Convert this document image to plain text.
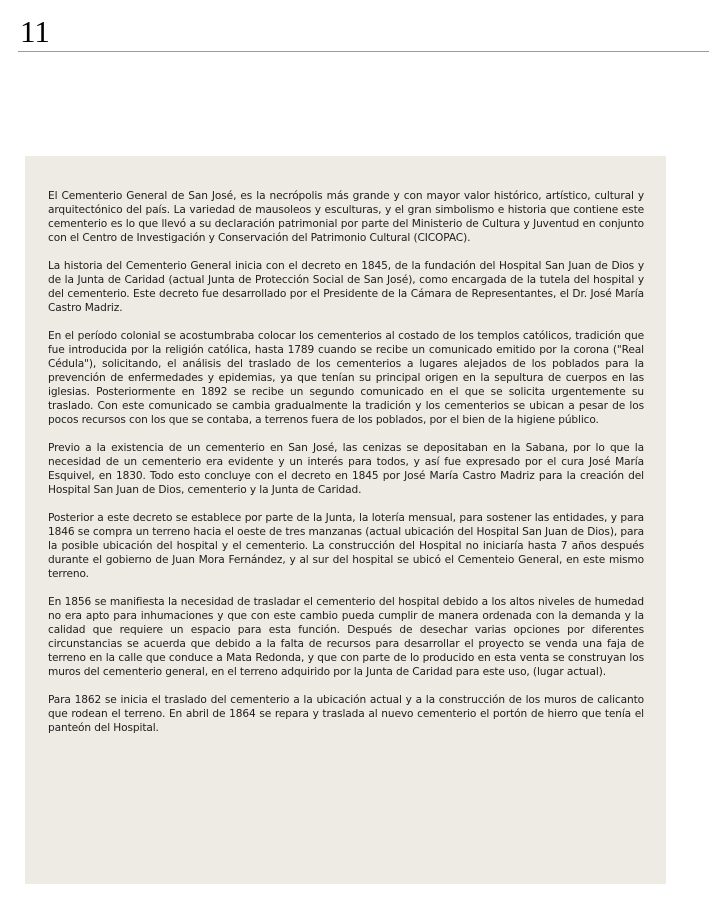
11

El Cementerio General de San José, es la necrópolis más grande y con mayor valor histórico, artístico, cultural y arquitectónico del país. La variedad de mausoleos y esculturas, y el gran simbolismo e historia que contiene este cementerio es lo que llevó a su declaración patrimonial por parte del Ministerio de Cultura y Juventud en conjunto con el Centro de Investigación y Conservación del Patrimonio Cultural (CICOPAC).

La historia del Cementerio General inicia con el decreto en 1845, de la fundación del Hospital San Juan de Dios y de la Junta de Caridad (actual Junta de Protección Social de San José), como encargada de la tutela del hospital y del cementerio. Este decreto fue desarrollado por el Presidente de la Cámara de Representantes, el Dr. José María Castro Madriz.

En el período colonial se acostumbraba colocar los cementerios al costado de los templos católicos, tradición que fue introducida por la religión católica, hasta 1789 cuando se recibe un comunicado emitido por la corona ("Real Cédula"), solicitando, el análisis del traslado de los cementerios a lugares alejados de los poblados para la prevención de enfermedades y epidemias, ya que tenían su principal origen en la sepultura de cuerpos en las iglesias. Posteriormente en 1892 se recibe un segundo comunicado en el que se solicita urgentemente su traslado. Con este comunicado se cambia gradualmente la tradición y los cementerios se ubican a pesar de los pocos recursos con los que se contaba, a terrenos fuera de los poblados, por el bien de la higiene público.

Previo a la existencia de un cementerio en San José, las cenizas se depositaban en la Sabana, por lo que la necesidad de un cementerio era evidente y un interés para todos, y así fue expresado por el cura José María Esquivel, en 1830. Todo esto concluye con el decreto en 1845 por José María Castro Madriz para la creación del Hospital San Juan de Dios, cementerio y la Junta de Caridad.

Posterior a este decreto se establece por parte de la Junta, la lotería mensual, para sostener las entidades, y para 1846 se compra un terreno hacia el oeste de tres manzanas (actual ubicación del Hospital San Juan de Dios), para la posible ubicación del hospital y el cementerio. La construcción del Hospital no iniciaría hasta 7 años después durante el gobierno de Juan Mora Fernández, y al sur del hospital se ubicó el Cementeio General, en este mismo terreno.

En 1856 se manifiesta la necesidad de trasladar el cementerio del hospital debido a los altos niveles de humedad no era apto para inhumaciones y que con este cambio pueda cumplir de manera ordenada con la demanda y la calidad que requiere un espacio para esta función. Después de desechar varias opciones por diferentes circunstancias se acuerda que debido a la falta de recursos para desarrollar el proyecto se venda una faja de terreno en la calle que conduce a Mata Redonda, y que con parte de lo producido en esta venta se construyan los muros del cementerio general, en el terreno adquirido por la Junta de Caridad para este uso, (lugar actual).

Para 1862 se inicia el traslado del cementerio a la ubicación actual y a la construcción de los muros de calicanto que rodean el terreno. En abril de 1864 se repara y traslada al nuevo cementerio el portón de hierro que tenía el panteón del Hospital.
